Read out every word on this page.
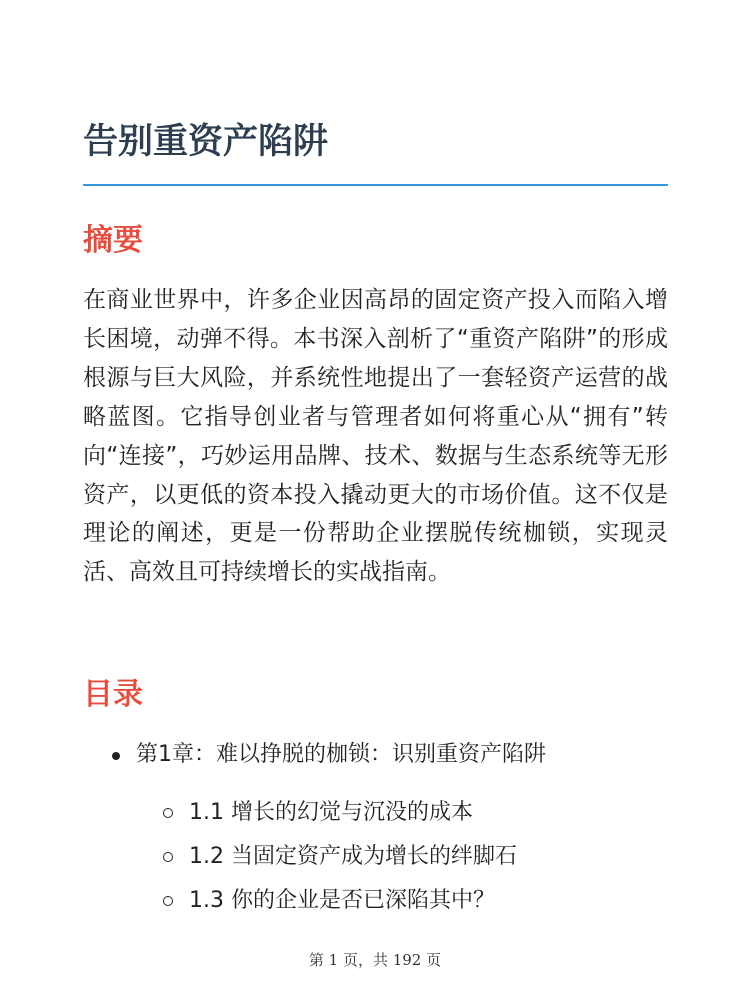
告别重资产陷阱
摘要

在商业世界中，许多企业因高昂的固定资产投入而陷入增长困境，动弹不得。本书深入剖析了“重资产陷阱”的形成根源与巨大风险，并系统性地提出了一套轻资产运营的战略蓝图。它指导创业者与管理者如何将重心从“拥有”转向“连接”，巧妙运用品牌、技术、数据与生态系统等无形资产，以更低的资本投入撬动更大的市场价值。这不仅是理论的阐述，更是一份帮助企业摆脱传统枷锁，实现灵活、高效且可持续增长的实战指南。

目录
第1章：难以挣脱的枷锁：识别重资产陷阱
1.1 增长的幻觉与沉没的成本
1.2 当固定资产成为增长的绊脚石
1.3 你的企业是否已深陷其中？
第 1 页，共 192 页
